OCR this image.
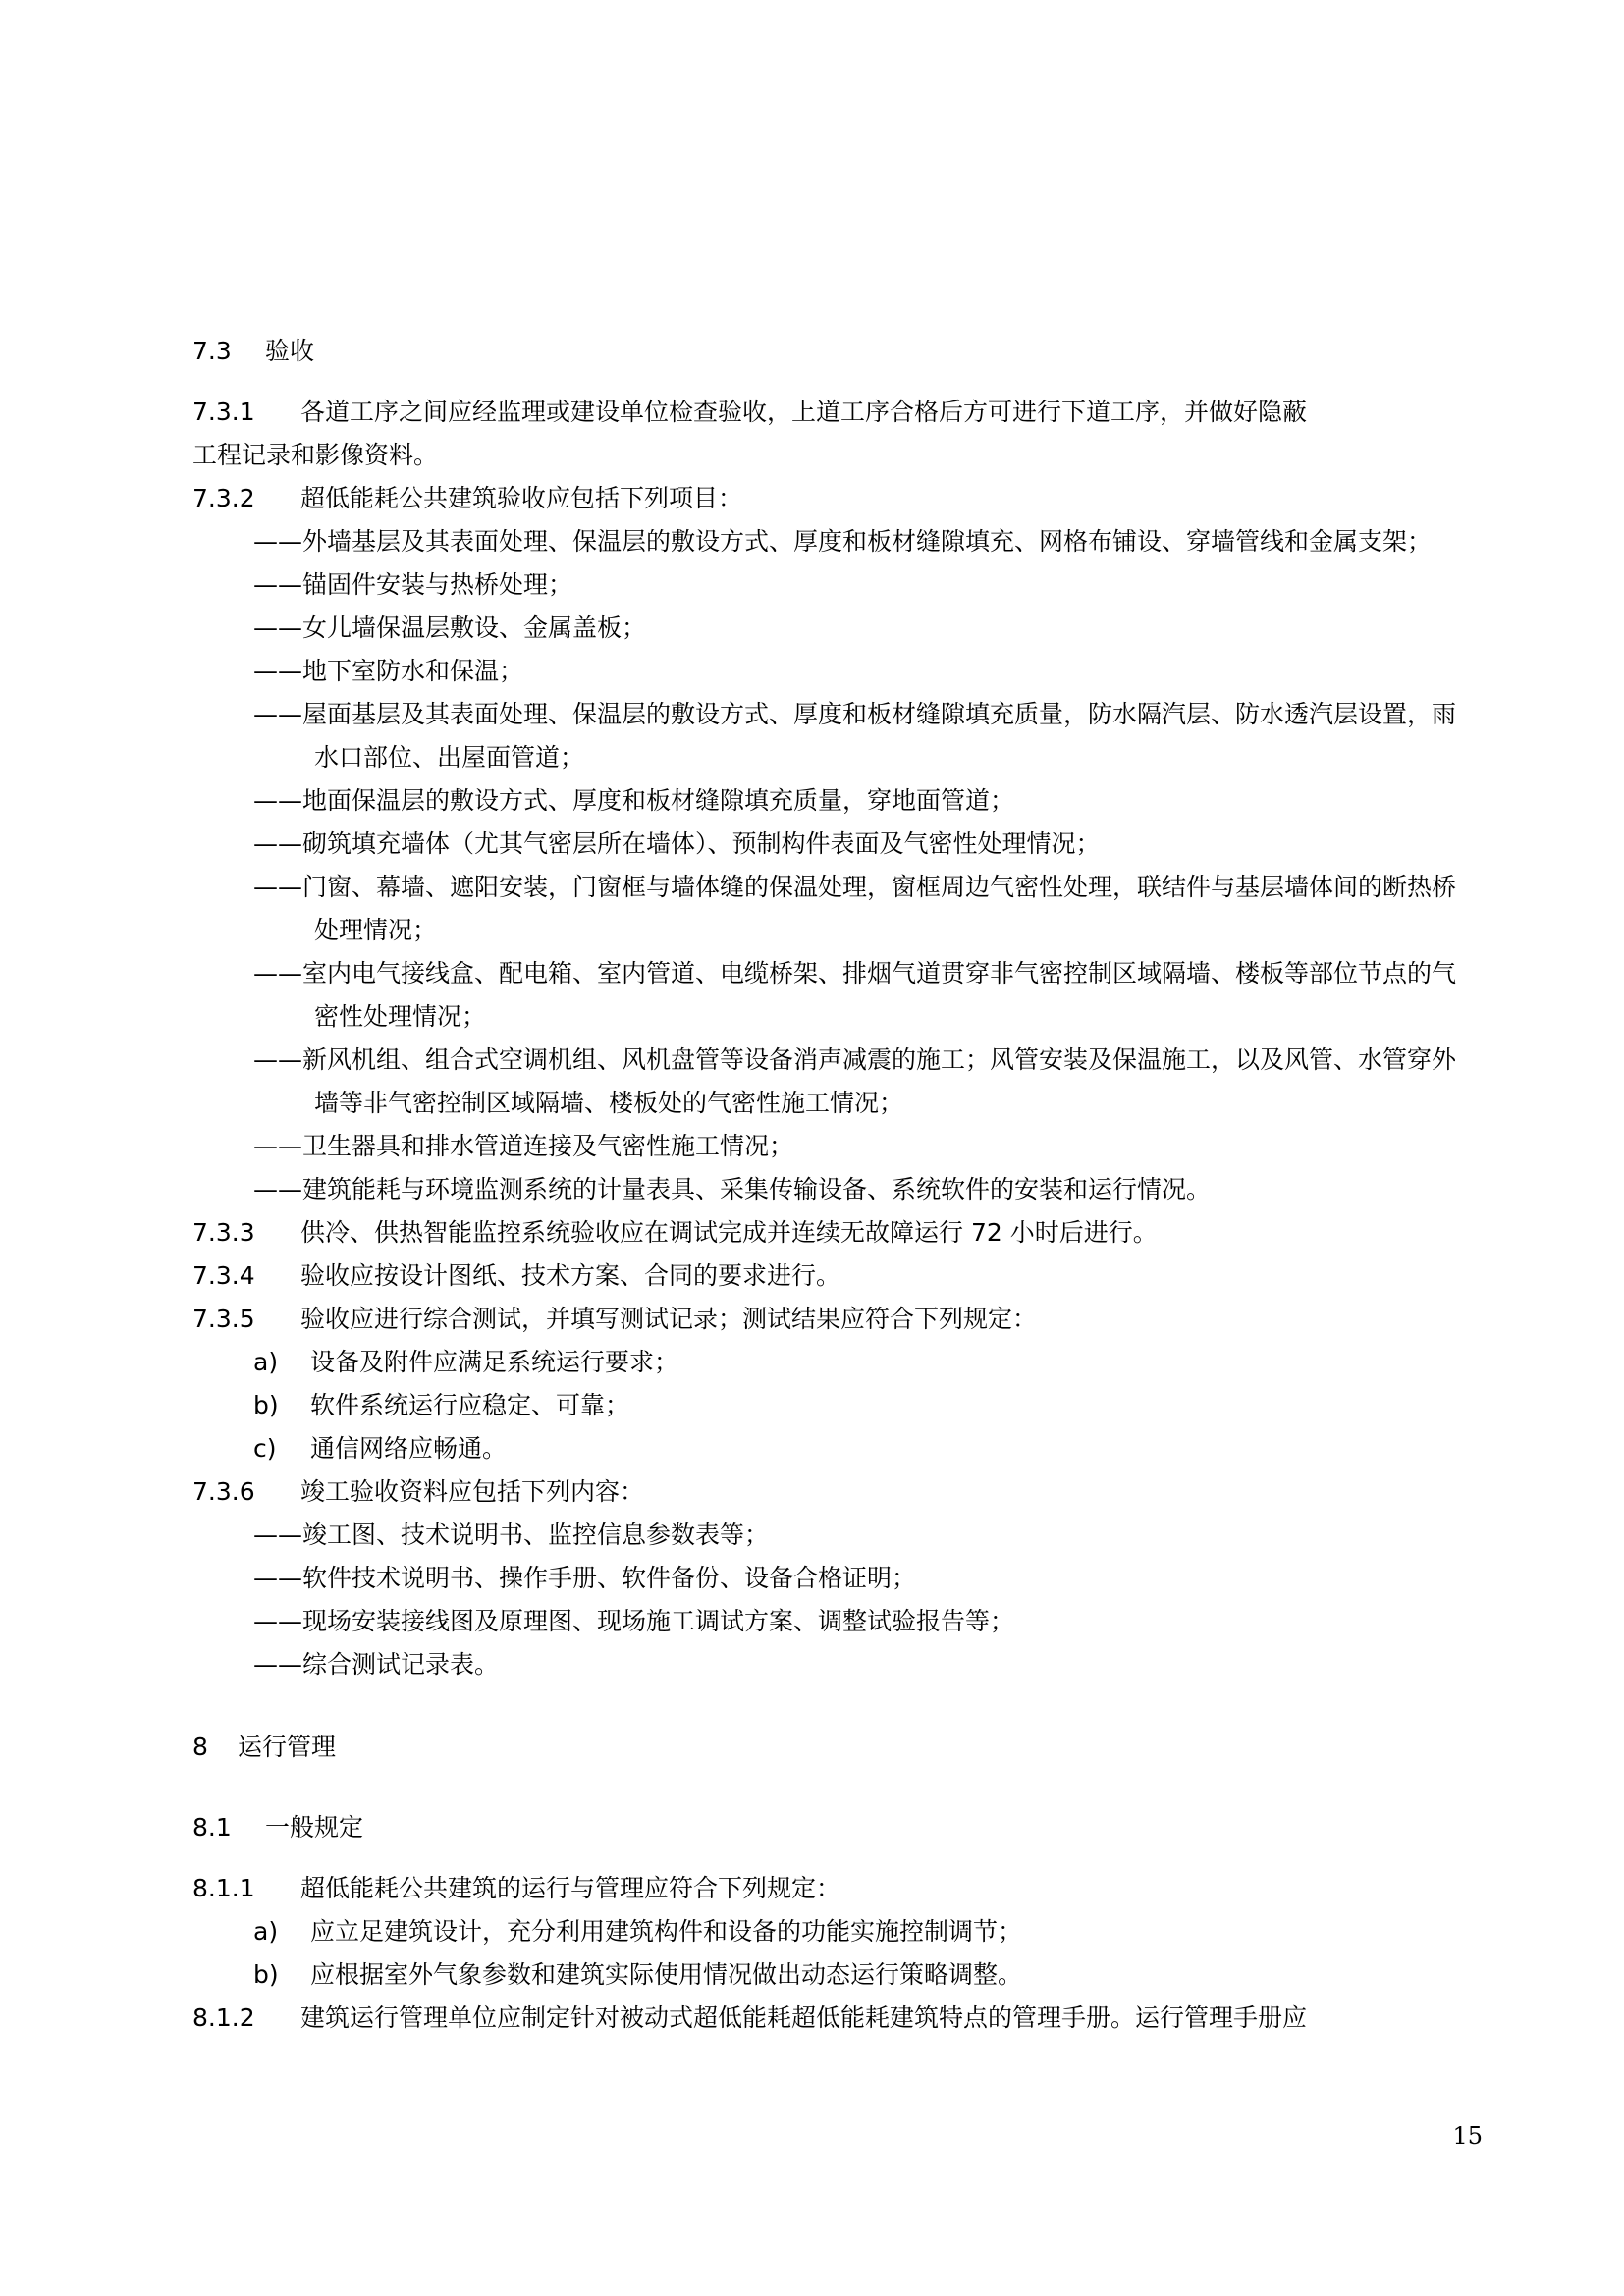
7.3	验收
7.3.1	各道工序之间应经监理或建设单位检查验收，上道工序合格后方可进行下道工序，并做好隐蔽
工程记录和影像资料。
7.3.2	超低能耗公共建筑验收应包括下列项目：
——外墙基层及其表面处理、保温层的敷设方式、厚度和板材缝隙填充、网格布铺设、穿墙管线和金属支架；
——锚固件安装与热桥处理；
——女儿墙保温层敷设、金属盖板；
——地下室防水和保温；
——屋面基层及其表面处理、保温层的敷设方式、厚度和板材缝隙填充质量，防水隔汽层、防水透汽层设置，雨水口部位、出屋面管道；
——地面保温层的敷设方式、厚度和板材缝隙填充质量，穿地面管道；
——砌筑填充墙体（尤其气密层所在墙体）、预制构件表面及气密性处理情况；
——门窗、幕墙、遮阳安装，门窗框与墙体缝的保温处理，窗框周边气密性处理，联结件与基层墙体间的断热桥处理情况；
——室内电气接线盒、配电箱、室内管道、电缆桥架、排烟气道贯穿非气密控制区域隔墙、楼板等部位节点的气密性处理情况；
——新风机组、组合式空调机组、风机盘管等设备消声减震的施工；风管安装及保温施工，以及风管、水管穿外墙等非气密控制区域隔墙、楼板处的气密性施工情况；
——卫生器具和排水管道连接及气密性施工情况；
——建筑能耗与环境监测系统的计量表具、采集传输设备、系统软件的安装和运行情况。
7.3.3	供冷、供热智能监控系统验收应在调试完成并连续无故障运行 72 小时后进行。
7.3.4	验收应按设计图纸、技术方案、合同的要求进行。
7.3.5	验收应进行综合测试，并填写测试记录；测试结果应符合下列规定：
a)	设备及附件应满足系统运行要求；
b)	软件系统运行应稳定、可靠；
c)	通信网络应畅通。
7.3.6	竣工验收资料应包括下列内容：
——竣工图、技术说明书、监控信息参数表等；
——软件技术说明书、操作手册、软件备份、设备合格证明；
——现场安装接线图及原理图、现场施工调试方案、调整试验报告等；
——综合测试记录表。
8	运行管理
8.1	一般规定
8.1.1	超低能耗公共建筑的运行与管理应符合下列规定：
a)	应立足建筑设计，充分利用建筑构件和设备的功能实施控制调节；
b)	应根据室外气象参数和建筑实际使用情况做出动态运行策略调整。
8.1.2	建筑运行管理单位应制定针对被动式超低能耗超低能耗建筑特点的管理手册。运行管理手册应
15
